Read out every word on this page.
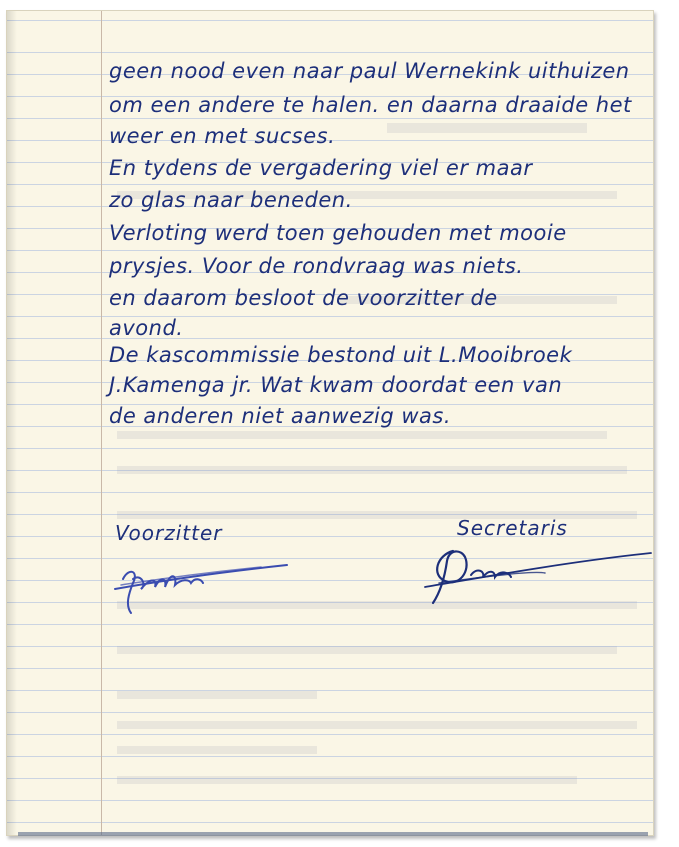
geen nood even naar paul Wernekink uithuizen
om een andere te halen. en daarna draaide het
weer en met sucses.
En tydens de vergadering viel er maar
zo glas naar beneden.
Verloting werd toen gehouden met mooie
prysjes. Voor de rondvraag was niets.
en daarom besloot de voorzitter de
avond.
De kascommissie bestond uit L.Mooibroek
J.Kamenga jr. Wat kwam doordat een van
de anderen niet aanwezig was.
Voorzitter	Secretaris
